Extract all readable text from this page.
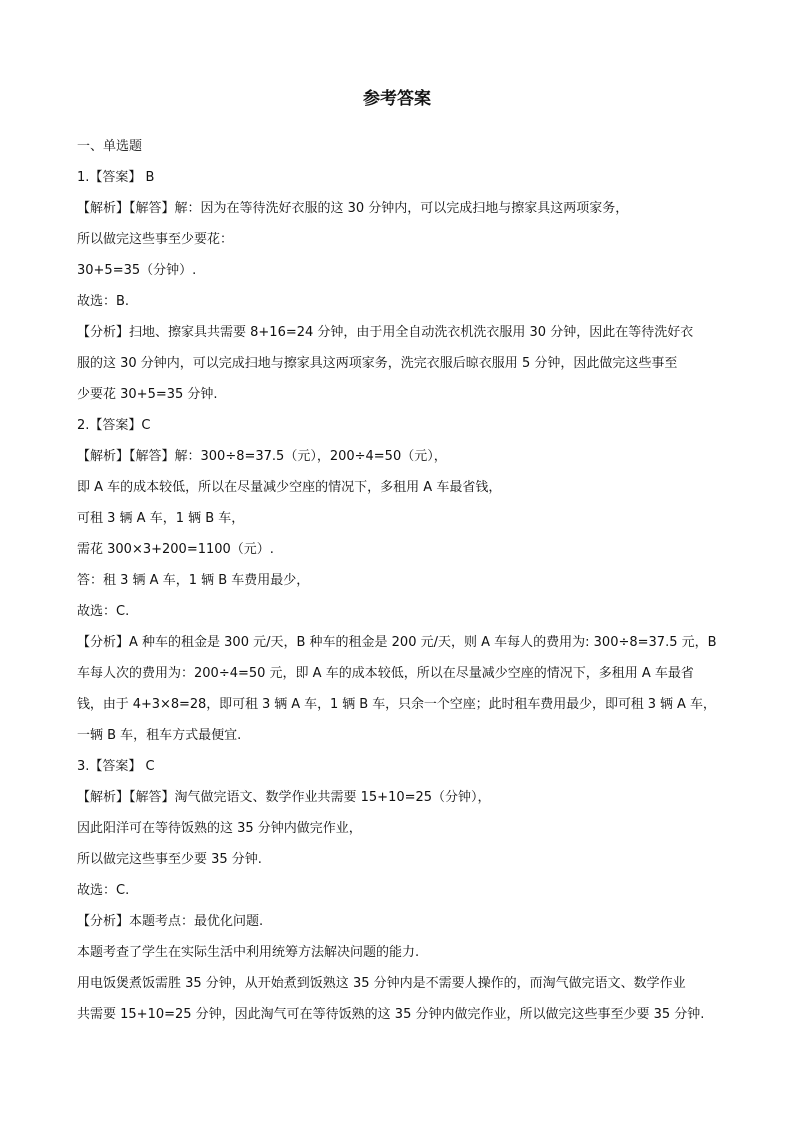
参考答案
一、单选题
1.【答案】 B
【解析】【解答】解：因为在等待洗好衣服的这 30 分钟内，可以完成扫地与擦家具这两项家务，
所以做完这些事至少要花：
30+5=35（分钟）.
故选：B.
【分析】扫地、擦家具共需要 8+16=24 分钟，由于用全自动洗衣机洗衣服用 30 分钟，因此在等待洗好衣
服的这 30 分钟内，可以完成扫地与擦家具这两项家务，洗完衣服后晾衣服用 5 分钟，因此做完这些事至
少要花 30+5=35 分钟.
2.【答案】C
【解析】【解答】解：300÷8=37.5（元），200÷4=50（元），
即 A 车的成本较低，所以在尽量减少空座的情况下，多租用 A 车最省钱，
可租 3 辆 A 车，1 辆 B 车，
需花 300×3+200=1100（元）.
答：租 3 辆 A 车，1 辆 B 车费用最少，
故选：C.
【分析】A 种车的租金是 300 元/天，B 种车的租金是 200 元/天，则 A 车每人的费用为: 300÷8=37.5 元，B
车每人次的费用为：200÷4=50 元，即 A 车的成本较低，所以在尽量减少空座的情况下，多租用 A 车最省
钱，由于 4+3×8=28，即可租 3 辆 A 车，1 辆 B 车，只余一个空座；此时租车费用最少，即可租 3 辆 A 车，
一辆 B 车，租车方式最便宜.
3.【答案】 C
【解析】【解答】淘气做完语文、数学作业共需要 15+10=25（分钟），
因此阳洋可在等待饭熟的这 35 分钟内做完作业，
所以做完这些事至少要 35 分钟.
故选：C.
【分析】本题考点：最优化问题.
本题考查了学生在实际生活中利用统筹方法解决问题的能力.
用电饭煲煮饭需胜 35 分钟，从开始煮到饭熟这 35 分钟内是不需要人操作的，而淘气做完语文、数学作业
共需要 15+10=25 分钟，因此淘气可在等待饭熟的这 35 分钟内做完作业，所以做完这些事至少要 35 分钟.
